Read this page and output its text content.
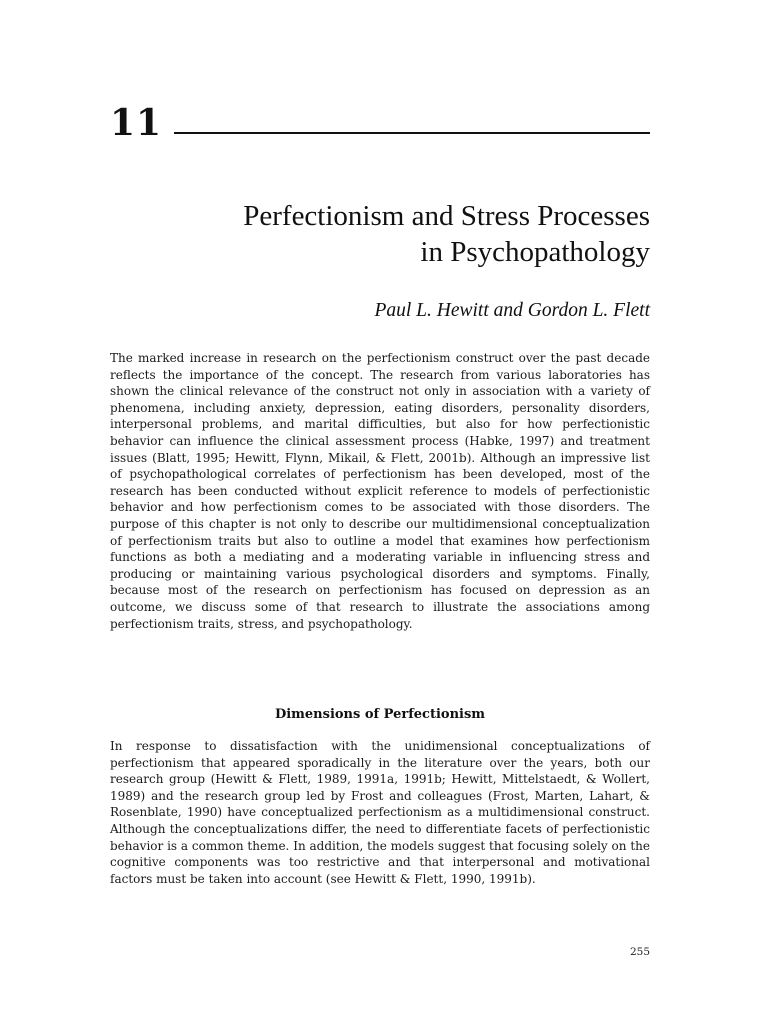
11
Perfectionism and Stress Processes
in Psychopathology
Paul L. Hewitt and Gordon L. Flett

The marked increase in research on the perfectionism construct over the past decade reflects the importance of the concept. The research from various laboratories has shown the clinical relevance of the construct not only in association with a variety of phenomena, including anxiety, depression, eating disorders, personality disorders, interpersonal problems, and marital difficulties, but also for how perfectionistic behavior can influence the clinical assessment process (Habke, 1997) and treatment issues (Blatt, 1995; Hewitt, Flynn, Mikail, & Flett, 2001b). Although an impressive list of psychopathological correlates of perfectionism has been developed, most of the research has been conducted without explicit reference to models of perfectionistic behavior and how perfectionism comes to be associated with those disorders. The purpose of this chapter is not only to describe our multidimensional conceptualization of perfectionism traits but also to outline a model that examines how perfectionism functions as both a mediating and a moderating variable in influencing stress and producing or maintaining various psychological disorders and symptoms. Finally, because most of the research on perfectionism has focused on depression as an outcome, we discuss some of that research to illustrate the associations among perfectionism traits, stress, and psychopathology.

Dimensions of Perfectionism

In response to dissatisfaction with the unidimensional conceptualizations of perfectionism that appeared sporadically in the literature over the years, both our research group (Hewitt & Flett, 1989, 1991a, 1991b; Hewitt, Mittelstaedt, & Wollert, 1989) and the research group led by Frost and colleagues (Frost, Marten, Lahart, & Rosenblate, 1990) have conceptualized perfectionism as a multidimensional construct. Although the conceptualizations differ, the need to differentiate facets of perfectionistic behavior is a common theme. In addition, the models suggest that focusing solely on the cognitive components was too restrictive and that interpersonal and motivational factors must be taken into account (see Hewitt & Flett, 1990, 1991b).

255
